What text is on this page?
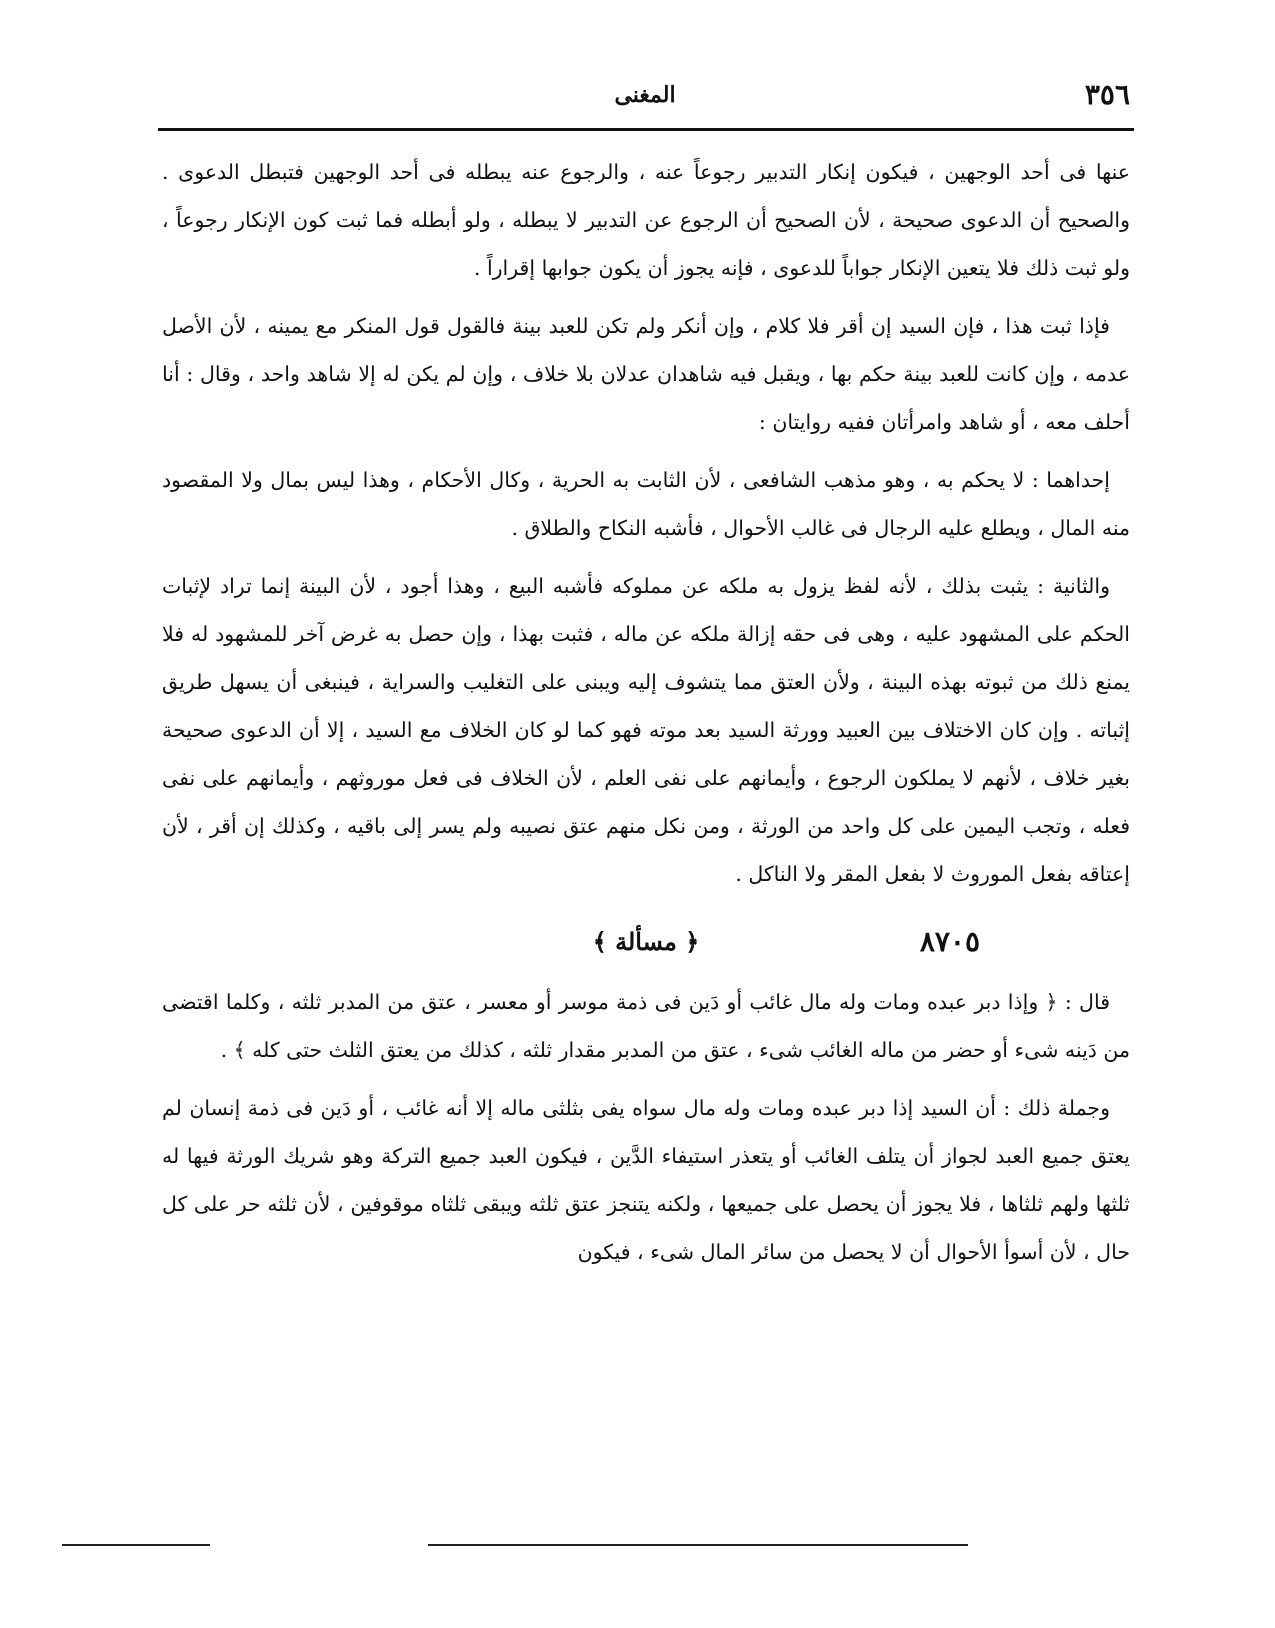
٣٥٦
المغنى

عنها فى أحد الوجهين ، فيكون إنكار التدبير رجوعاً عنه ، والرجوع عنه يبطله فى أحد الوجهين فتبطل الدعوى . والصحيح أن الدعوى صحيحة ، لأن الصحيح أن الرجوع عن التدبير لا يبطله ، ولو أبطله فما ثبت كون الإنكار رجوعاً ، ولو ثبت ذلك فلا يتعين الإنكار جواباً للدعوى ، فإنه يجوز أن يكون جوابها إقراراً .

فإذا ثبت هذا ، فإن السيد إن أقر فلا كلام ، وإن أنكر ولم تكن للعبد بينة فالقول قول المنكر مع يمينه ، لأن الأصل عدمه ، وإن كانت للعبد بينة حكم بها ، ويقبل فيه شاهدان عدلان بلا خلاف ، وإن لم يكن له إلا شاهد واحد ، وقال : أنا أحلف معه ، أو شاهد وامرأتان ففيه روايتان :

إحداهما : لا يحكم به ، وهو مذهب الشافعى ، لأن الثابت به الحرية ، وكال الأحكام ، وهذا ليس بمال ولا المقصود منه المال ، ويطلع عليه الرجال فى غالب الأحوال ، فأشبه النكاح والطلاق .

والثانية : يثبت بذلك ، لأنه لفظ يزول به ملكه عن مملوكه فأشبه البيع ، وهذا أجود ، لأن البينة إنما تراد لإثبات الحكم على المشهود عليه ، وهى فى حقه إزالة ملكه عن ماله ، فثبت بهذا ، وإن حصل به غرض آخر للمشهود له فلا يمنع ذلك من ثبوته بهذه البينة ، ولأن العتق مما يتشوف إليه ويبنى على التغليب والسراية ، فينبغى أن يسهل طريق إثباته . وإن كان الاختلاف بين العبيد وورثة السيد بعد موته فهو كما لو كان الخلاف مع السيد ، إلا أن الدعوى صحيحة بغير خلاف ، لأنهم لا يملكون الرجوع ، وأيمانهم على نفى العلم ، لأن الخلاف فى فعل موروثهم ، وأيمانهم على نفى فعله ، وتجب اليمين على كل واحد من الورثة ، ومن نكل منهم عتق نصيبه ولم يسر إلى باقيه ، وكذلك إن أقر ، لأن إعتاقه بفعل الموروث لا بفعل المقر ولا الناكل .

٨٧٠٥
﴿ مسألة ﴾

قال : ﴿ وإذا دبر عبده ومات وله مال غائب أو دَين فى ذمة موسر أو معسر ، عتق من المدبر ثلثه ، وكلما اقتضى من دَينه شىء أو حضر من ماله الغائب شىء ، عتق من المدبر مقدار ثلثه ، كذلك من يعتق الثلث حتى كله ﴾ .

وجملة ذلك : أن السيد إذا دبر عبده ومات وله مال سواه يفى بثلثى ماله إلا أنه غائب ، أو دَين فى ذمة إنسان لم يعتق جميع العبد لجواز أن يتلف الغائب أو يتعذر استيفاء الدَّين ، فيكون العبد جميع التركة وهو شريك الورثة فيها له ثلثها ولهم ثلثاها ، فلا يجوز أن يحصل على جميعها ، ولكنه يتنجز عتق ثلثه ويبقى ثلثاه موقوفين ، لأن ثلثه حر على كل حال ، لأن أسوأ الأحوال أن لا يحصل من سائر المال شىء ، فيكون
